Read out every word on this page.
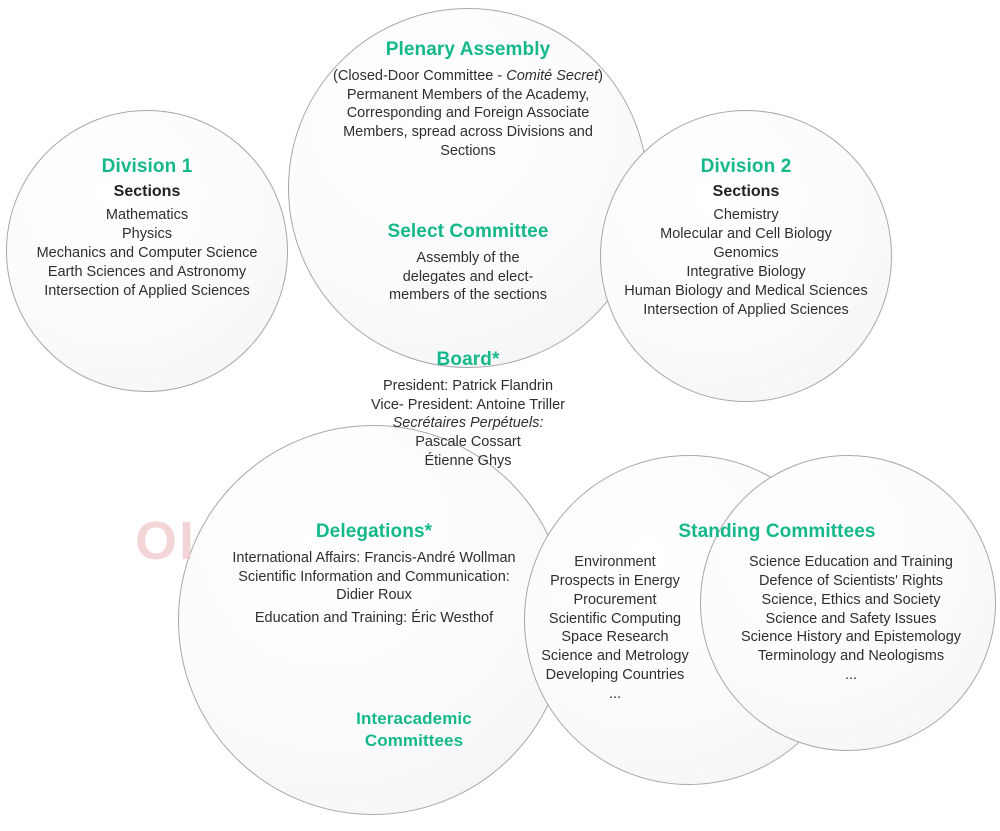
OI
Plenary Assembly
(Closed-Door Committee - Comité Secret)
Permanent Members of the Academy,
Corresponding and Foreign Associate
Members, spread across Divisions and
Sections
Division 1
Sections
Mathematics
Physics
Mechanics and Computer Science
Earth Sciences and Astronomy
Intersection of Applied Sciences
Division 2
Sections
Chemistry
Molecular and Cell Biology
Genomics
Integrative Biology
Human Biology and Medical Sciences
Intersection of Applied Sciences
Select Committee
Assembly of the
delegates and elect-
members of the sections
Board*
President: Patrick Flandrin
Vice- President: Antoine Triller
Secrétaires Perpétuels:
Pascale Cossart
Étienne Ghys
Delegations*
International Affairs: Francis-André Wollman
Scientific Information and Communication:
Didier Roux
Education and Training: Éric Westhof
Interacademic
Committees
Standing Committees
Environment
Prospects in Energy
Procurement
Scientific Computing
Space Research
Science and Metrology
Developing Countries
...
Science Education and Training
Defence of Scientists' Rights
Science, Ethics and Society
Science and Safety Issues
Science History and Epistemology
Terminology and Neologisms
...
